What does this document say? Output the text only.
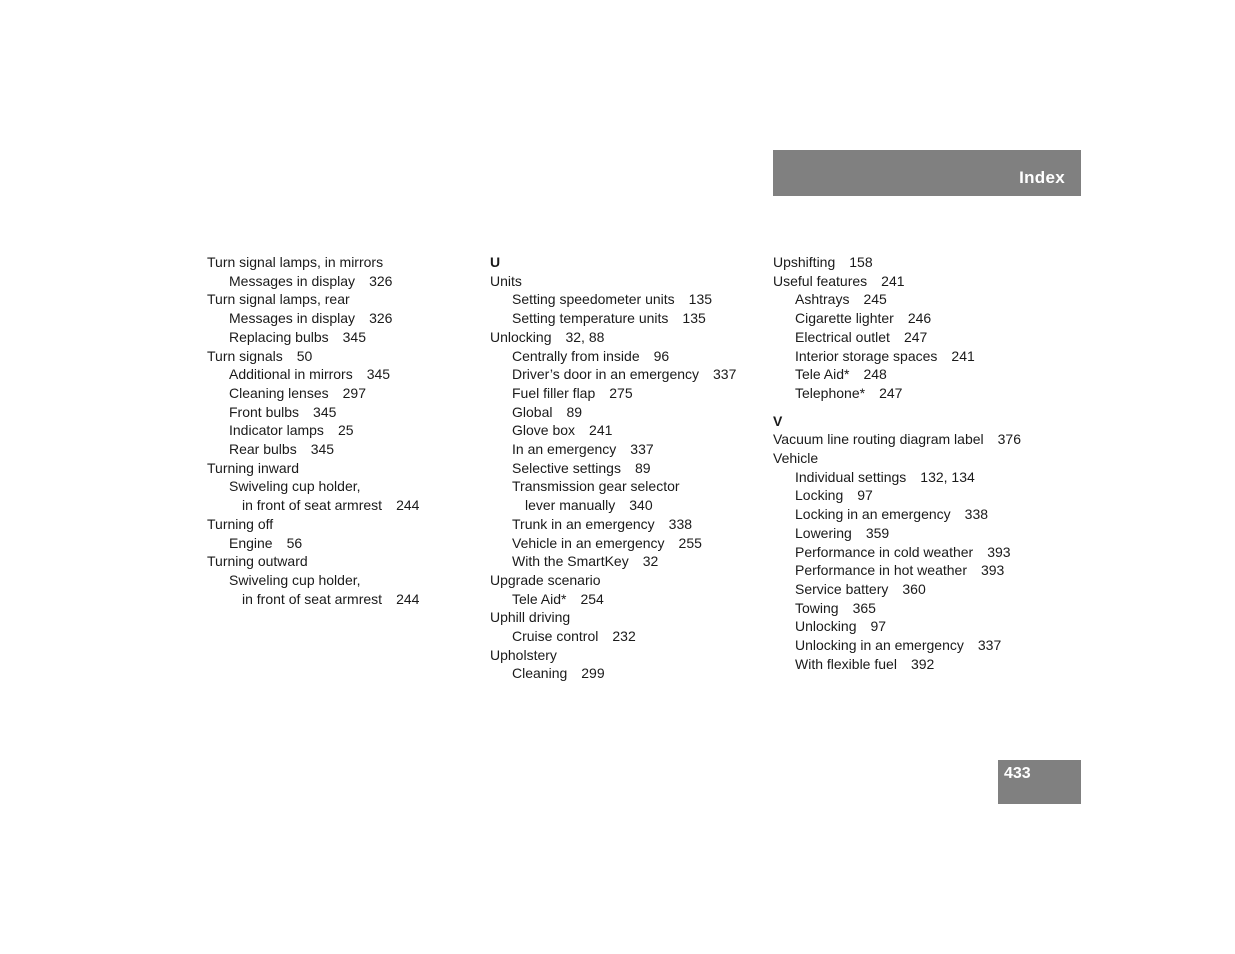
Index
Turn signal lamps, in mirrors
Messages in display 326
Turn signal lamps, rear
Messages in display 326
Replacing bulbs 345
Turn signals 50
Additional in mirrors 345
Cleaning lenses 297
Front bulbs 345
Indicator lamps 25
Rear bulbs 345
Turning inward
Swiveling cup holder,
in front of seat armrest 244
Turning off
Engine 56
Turning outward
Swiveling cup holder,
in front of seat armrest 244
U
Units
Setting speedometer units 135
Setting temperature units 135
Unlocking 32, 88
Centrally from inside 96
Driver’s door in an emergency 337
Fuel filler flap 275
Global 89
Glove box 241
In an emergency 337
Selective settings 89
Transmission gear selector
lever manually 340
Trunk in an emergency 338
Vehicle in an emergency 255
With the SmartKey 32
Upgrade scenario
Tele Aid* 254
Uphill driving
Cruise control 232
Upholstery
Cleaning 299
Upshifting 158
Useful features 241
Ashtrays 245
Cigarette lighter 246
Electrical outlet 247
Interior storage spaces 241
Tele Aid* 248
Telephone* 247
V
Vacuum line routing diagram label 376
Vehicle
Individual settings 132, 134
Locking 97
Locking in an emergency 338
Lowering 359
Performance in cold weather 393
Performance in hot weather 393
Service battery 360
Towing 365
Unlocking 97
Unlocking in an emergency 337
With flexible fuel 392
433
